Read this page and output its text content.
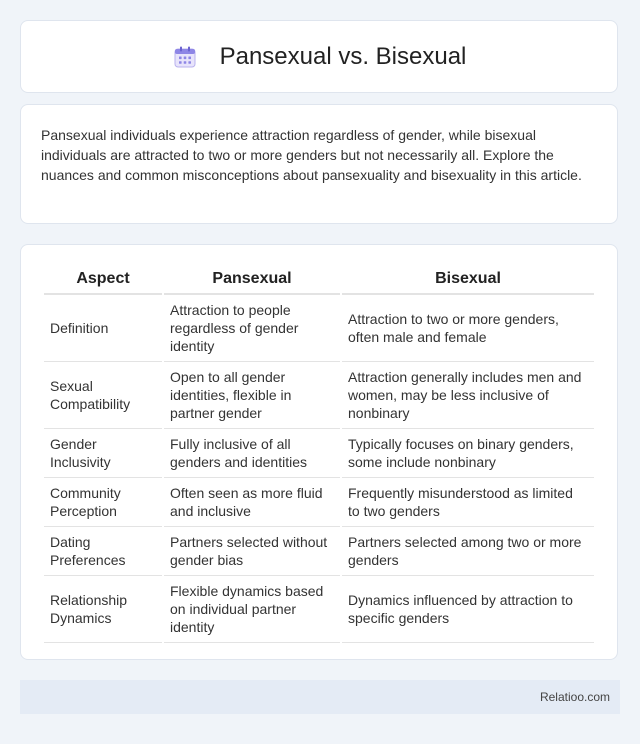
Pansexual vs. Bisexual

Pansexual individuals experience attraction regardless of gender, while bisexual individuals are attracted to two or more genders but not necessarily all. Explore the nuances and common misconceptions about pansexuality and bisexuality in this article.

Aspect	Pansexual	Bisexual
Definition	Attraction to people regardless of gender identity	Attraction to two or more genders, often male and female
Sexual Compatibility	Open to all gender identities, flexible in partner gender	Attraction generally includes men and women, may be less inclusive of nonbinary
Gender Inclusivity	Fully inclusive of all genders and identities	Typically focuses on binary genders, some include nonbinary
Community Perception	Often seen as more fluid and inclusive	Frequently misunderstood as limited to two genders
Dating Preferences	Partners selected without gender bias	Partners selected among two or more genders
Relationship Dynamics	Flexible dynamics based on individual partner identity	Dynamics influenced by attraction to specific genders
Relatioo.com
